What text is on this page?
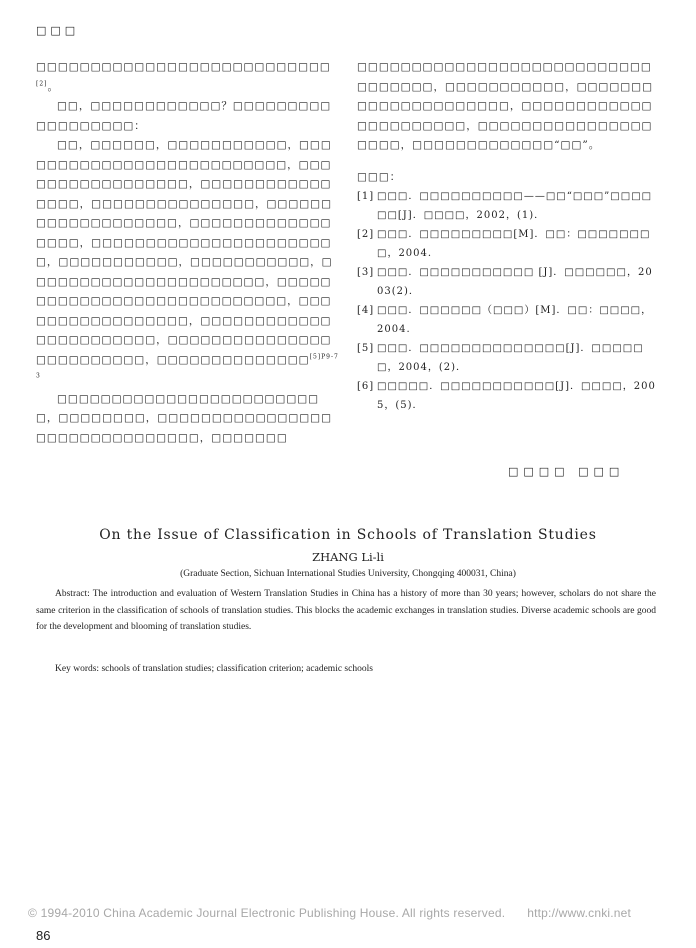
□□□

□□□□□□□□□□□□□□□□□□□□□□□□□□□[2]。

□□，□□□□□□□□□□□□？□□□□□□□□□□□□□□□□□□：

□□，□□□□□□，□□□□□□□□□□□，□□□□□□□□□□□□□□□□□□□□□□□□□□，□□□□□□□□□□□□□□□□□，□□□□□□□□□□□□□□□□，□□□□□□□□□□□□□□□，□□□□□□□□□□□□□□□□□□□，□□□□□□□□□□□□□□□□□，□□□□□□□□□□□□□□□□□□□□□□□，□□□□□□□□□□□，□□□□□□□□□□□，□□□□□□□□□□□□□□□□□□□□□□，□□□□□□□□□□□□□□□□□□□□□□□□□□□□，□□□□□□□□□□□□□□□□□，□□□□□□□□□□□□□□□□□□□□□□□，□□□□□□□□□□□□□□□□□□□□□□□□□，□□□□□□□□□□□□□□$^{[5]P9-73}$

□□□□□□□□□□□□□□□□□□□□□□□□□，□□□□□□□□，□□□□□□□□□□□□□□□□□□□□□□□□□□□□□□□，□□□□□□□

□□□□□□□□□□□□□□□□□□□□□□□□□□□□□□□□□□，□□□□□□□□□□□，□□□□□□□□□□□□□□□□□□□□□，□□□□□□□□□□□□□□□□□□□□□□，□□□□□□□□□□□□□□□□□□□□，□□□□□□□□□□□□□“□□”。

□□□：
[1] □□□．□□□□□□□□□□——□□“□□□”□□□□□□[J]．□□□□，2002，(1)．
[2] □□□．□□□□□□□□□[M]．□□：□□□□□□□□，2004.
[3] □□□．□□□□□□□□□□□ [J]．□□□□□□，2003(2)．
[4] □□□．□□□□□□（□□□）[M]．□□：□□□□，2004.
[5] □□□．□□□□□□□□□□□□□□[J]．□□□□□□，2004，(2)．
[6] □□□□□．□□□□□□□□□□□[J]．□□□□，2005，(5)．
□□□□ □□□
On the Issue of Classification in Schools of Translation Studies
ZHANG Li-li
(Graduate Section, Sichuan International Studies University, Chongqing 400031, China)
Abstract: The introduction and evaluation of Western Translation Studies in China has a history of more than 30 years; however, scholars do not share the same criterion in the classification of schools of translation studies. This blocks the academic exchanges in translation studies. Diverse academic schools are good for the development and blooming of translation studies.
Key words: schools of translation studies; classification criterion; academic schools
© 1994-2010 China Academic Journal Electronic Publishing House. All rights reserved. http://www.cnki.net
86
